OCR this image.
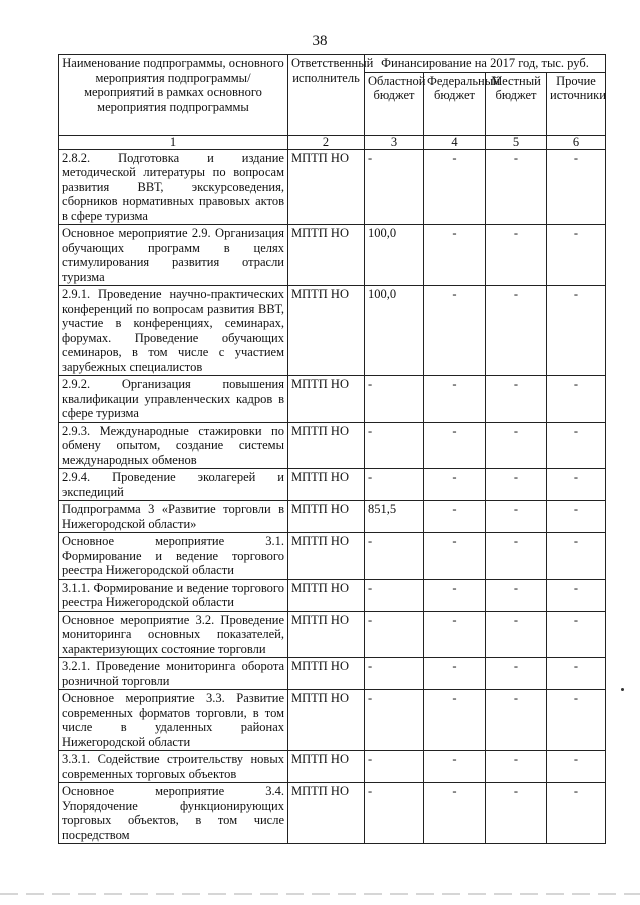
38
Наименование подпрограммы, основного мероприятия подпрограммы/мероприятий в рамках основного мероприятия подпрограммы	Ответственный исполнитель	Финансирование на 2017 год, тыс. руб.			
		Областной бюджет	Федеральный бюджет	Местный бюджет	Прочие источники
1	2	3	4	5	6
2.8.2. Подготовка и издание методической литературы по вопросам развития ВВТ, экскурсоведения, сборников нормативных правовых актов в сфере туризма	МПТП НО	-	-	-	-
Основное мероприятие 2.9. Организация обучающих программ в целях стимулирования развития отрасли туризма	МПТП НО	100,0	-	-	-
2.9.1. Проведение научно-практических конференций по вопросам развития ВВТ, участие в конференциях, семинарах, форумах. Проведение обучающих семинаров, в том числе с участием зарубежных специалистов	МПТП НО	100,0	-	-	-
2.9.2. Организация повышения квалификации управленческих кадров в сфере туризма	МПТП НО	-	-	-	-
2.9.3. Международные стажировки по обмену опытом, создание системы международных обменов	МПТП НО	-	-	-	-
2.9.4. Проведение эколагерей и экспедиций	МПТП НО	-	-	-	-
Подпрограмма 3 «Развитие торговли в Нижегородской области»	МПТП НО	851,5	-	-	-
Основное мероприятие 3.1. Формирование и ведение торгового реестра Нижегородской области	МПТП НО	-	-	-	-
3.1.1. Формирование и ведение торгового реестра Нижегородской области	МПТП НО	-	-	-	-
Основное мероприятие 3.2. Проведение мониторинга основных показателей, характеризующих состояние торговли	МПТП НО	-	-	-	-
3.2.1. Проведение мониторинга оборота розничной торговли	МПТП НО	-	-	-	-
Основное мероприятие 3.3. Развитие современных форматов торговли, в том числе в удаленных районах Нижегородской области	МПТП НО	-	-	-	-
3.3.1. Содействие строительству новых современных торговых объектов	МПТП НО	-	-	-	-
Основное мероприятие 3.4. Упорядочение функционирующих торговых объектов, в том числе посредством	МПТП НО	-	-	-	-
